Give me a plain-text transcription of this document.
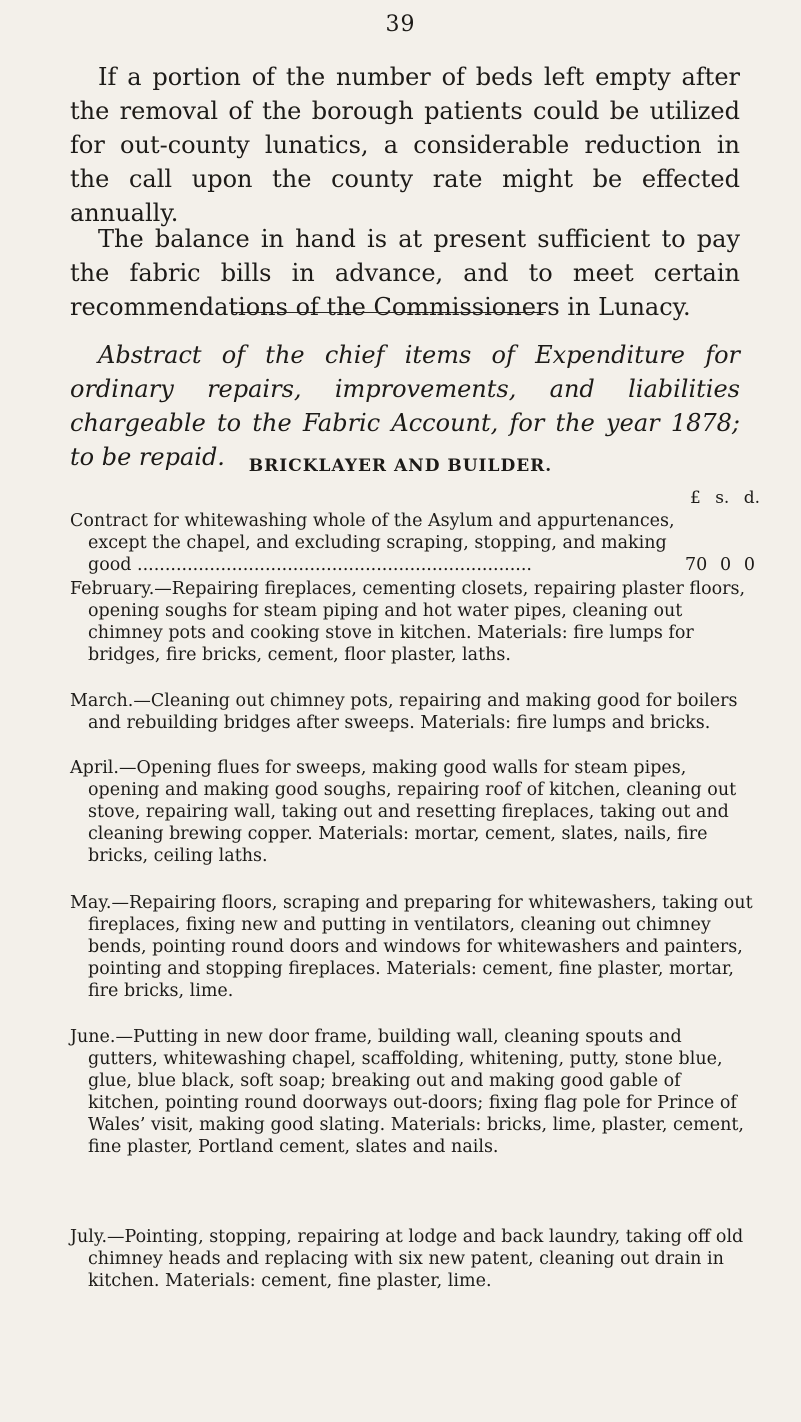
39

If a portion of the number of beds left empty after the removal of the borough patients could be utilized for out-county lunatics, a considerable reduction in the call upon the county rate might be effected annually.

The balance in hand is at present sufficient to pay the fabric bills in advance, and to meet certain recommendations of the Commissioners in Lunacy.

Abstract of the chief items of Expenditure for ordinary repairs, improvements, and liabilities chargeable to the Fabric Account, for the year 1878; to be repaid.	BRICKLAYER AND BUILDER.
£ s. d.
Contract for whitewashing whole of the Asylum and appurtenances, except the chapel, and excluding scraping, stopping, and making good .......................................................................	70 0 0
February.—Repairing fireplaces, cementing closets, repairing plaster floors, opening soughs for steam piping and hot water pipes, cleaning out chimney pots and cooking stove in kitchen. Materials: fire lumps for bridges, fire bricks, cement, floor plaster, laths.
March.—Cleaning out chimney pots, repairing and making good for boilers and rebuilding bridges after sweeps. Materials: fire lumps and bricks.
April.—Opening flues for sweeps, making good walls for steam pipes, opening and making good soughs, repairing roof of kitchen, cleaning out stove, repairing wall, taking out and resetting fireplaces, taking out and cleaning brewing copper. Materials: mortar, cement, slates, nails, fire bricks, ceiling laths.
May.—Repairing floors, scraping and preparing for whitewashers, taking out fireplaces, fixing new and putting in ventilators, cleaning out chimney bends, pointing round doors and windows for whitewashers and painters, pointing and stopping fireplaces. Materials: cement, fine plaster, mortar, fire bricks, lime.
June.—Putting in new door frame, building wall, cleaning spouts and gutters, whitewashing chapel, scaffolding, whitening, putty, stone blue, glue, blue black, soft soap; breaking out and making good gable of kitchen, pointing round doorways out-doors; fixing flag pole for Prince of Wales’ visit, making good slating. Materials: bricks, lime, plaster, cement, fine plaster, Portland cement, slates and nails.
July.—Pointing, stopping, repairing at lodge and back laundry, taking off old chimney heads and replacing with six new patent, cleaning out drain in kitchen. Materials: cement, fine plaster, lime.
